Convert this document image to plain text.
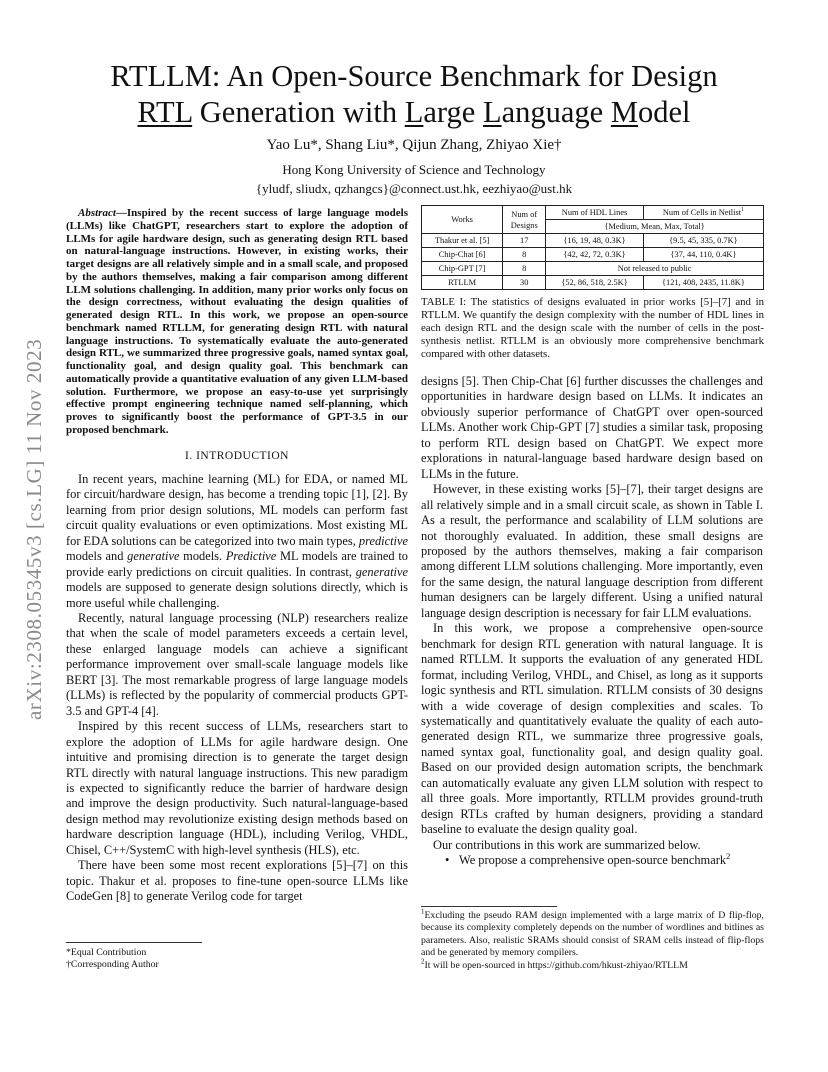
arXiv:2308.05345v3 [cs.LG] 11 Nov 2023
RTLLM: An Open-Source Benchmark for Design
RTL Generation with Large Language Model
Yao Lu*, Shang Liu*, Qijun Zhang, Zhiyao Xie†
Hong Kong University of Science and Technology
{yludf, sliudx, qzhangcs}@connect.ust.hk, eezhiyao@ust.hk

Abstract—Inspired by the recent success of large language models (LLMs) like ChatGPT, researchers start to explore the adoption of LLMs for agile hardware design, such as generating design RTL based on natural-language instructions. However, in existing works, their target designs are all relatively simple and in a small scale, and proposed by the authors themselves, making a fair comparison among different LLM solutions challenging. In addition, many prior works only focus on the design correctness, without evaluating the design qualities of generated design RTL. In this work, we propose an open-source benchmark named RTLLM, for generating design RTL with natural language instructions. To systematically evaluate the auto-generated design RTL, we summarized three progressive goals, named syntax goal, functionality goal, and design quality goal. This benchmark can automatically provide a quantitative evaluation of any given LLM-based solution. Furthermore, we propose an easy-to-use yet surprisingly effective prompt engineering technique named self-planning, which proves to significantly boost the performance of GPT-3.5 in our proposed benchmark.

I. INTRODUCTION

In recent years, machine learning (ML) for EDA, or named ML for circuit/hardware design, has become a trending topic [1], [2]. By learning from prior design solutions, ML models can perform fast circuit quality evaluations or even optimizations. Most existing ML for EDA solutions can be categorized into two main types, predictive models and generative models. Predictive ML models are trained to provide early predictions on circuit qualities. In contrast, generative models are supposed to generate design solutions directly, which is more useful while challenging.

Recently, natural language processing (NLP) researchers realize that when the scale of model parameters exceeds a certain level, these enlarged language models can achieve a significant performance improvement over small-scale language models like BERT [3]. The most remarkable progress of large language models (LLMs) is reflected by the popularity of commercial products GPT-3.5 and GPT-4 [4].

Inspired by this recent success of LLMs, researchers start to explore the adoption of LLMs for agile hardware design. One intuitive and promising direction is to generate the target design RTL directly with natural language instructions. This new paradigm is expected to significantly reduce the barrier of hardware design and improve the design productivity. Such natural-language-based design method may revolutionize existing design methods based on hardware description language (HDL), including Verilog, VHDL, Chisel, C++/SystemC with high-level synthesis (HLS), etc.

There have been some most recent explorations [5]–[7] on this topic. Thakur et al. proposes to fine-tune open-source LLMs like CodeGen [8] to generate Verilog code for target

*Equal Contribution
†Corresponding Author
Works	Num of Designs	Num of HDL Lines	Num of Cells in Netlist$^1$
		{Medium, Mean, Max, Total}	
Thakur et al. [5]	17	{16, 19, 48, 0.3K}	{9.5, 45, 335, 0.7K}
Chip-Chat [6]	8	{42, 42, 72, 0.3K}	{37, 44, 110, 0.4K}
Chip-GPT [7]	8	Not released to public	
RTLLM	30	{52, 86, 518, 2.5K}	{121, 408, 2435, 11.8K}
TABLE I: The statistics of designs evaluated in prior works [5]–[7] and in RTLLM. We quantify the design complexity with the number of HDL lines in each design RTL and the design scale with the number of cells in the post-synthesis netlist. RTLLM is an obviously more comprehensive benchmark compared with other datasets.

designs [5]. Then Chip-Chat [6] further discusses the challenges and opportunities in hardware design based on LLMs. It indicates an obviously superior performance of ChatGPT over open-sourced LLMs. Another work Chip-GPT [7] studies a similar task, proposing to perform RTL design based on ChatGPT. We expect more explorations in natural-language based hardware design based on LLMs in the future.

However, in these existing works [5]–[7], their target designs are all relatively simple and in a small circuit scale, as shown in Table I. As a result, the performance and scalability of LLM solutions are not thoroughly evaluated. In addition, these small designs are proposed by the authors themselves, making a fair comparison among different LLM solutions challenging. More importantly, even for the same design, the natural language description from different human designers can be largely different. Using a unified natural language design description is necessary for fair LLM evaluations.

In this work, we propose a comprehensive open-source benchmark for design RTL generation with natural language. It is named RTLLM. It supports the evaluation of any generated HDL format, including Verilog, VHDL, and Chisel, as long as it supports logic synthesis and RTL simulation. RTLLM consists of 30 designs with a wide coverage of design complexities and scales. To systematically and quantitatively evaluate the quality of each auto-generated design RTL, we summarize three progressive goals, named syntax goal, functionality goal, and design quality goal. Based on our provided design automation scripts, the benchmark can automatically evaluate any given LLM solution with respect to all three goals. More importantly, RTLLM provides ground-truth design RTLs crafted by human designers, providing a standard baseline to evaluate the design quality goal.

Our contributions in this work are summarized below.

• We propose a comprehensive open-source benchmark$^2$

$^1$Excluding the pseudo RAM design implemented with a large matrix of D flip-flop, because its complexity completely depends on the number of wordlines and bitlines as parameters. Also, realistic SRAMs should consist of SRAM cells instead of flip-flops and be generated by memory compilers.
$^2$It will be open-sourced in https://github.com/hkust-zhiyao/RTLLM
